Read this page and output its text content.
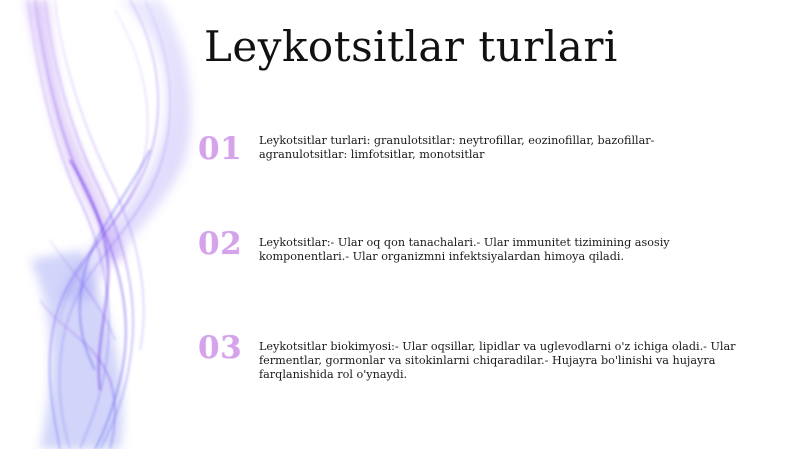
Leykotsitlar turlari
01	Leykotsitlar turlari: granulotsitlar: neytrofillar, eozinofillar, bazofillar-agranulotsitlar: limfotsitlar, monotsitlar
02	Leykotsitlar:- Ular oq qon tanachalari.- Ular immunitet tizimining asosiy komponentlari.- Ular organizmni infektsiyalardan himoya qiladi.
03	Leykotsitlar biokimyosi:- Ular oqsillar, lipidlar va uglevodlarni o'z ichiga oladi.- Ular fermentlar, gormonlar va sitokinlarni chiqaradilar.- Hujayra bo'linishi va hujayra farqlanishida rol o'ynaydi.
